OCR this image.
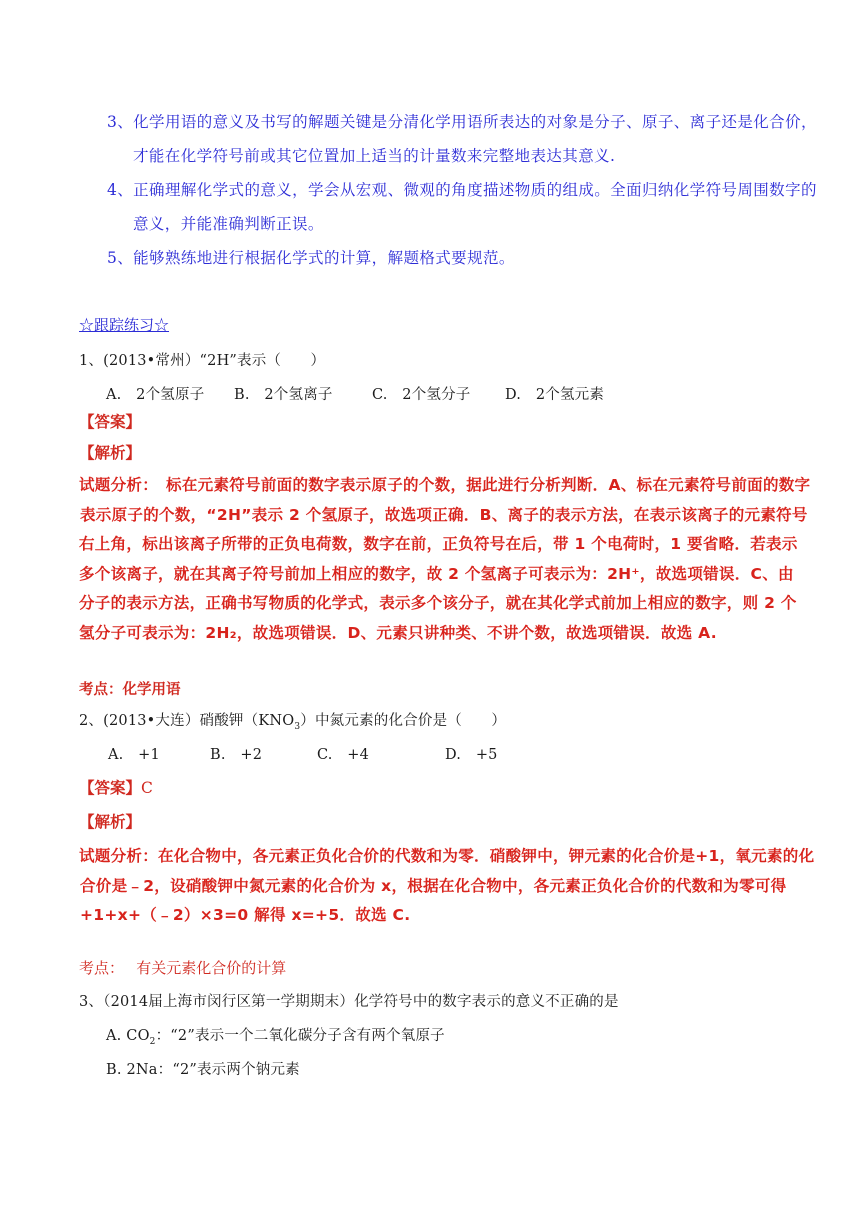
3、化学用语的意义及书写的解题关键是分清化学用语所表达的对象是分子、原子、离子还是化合价，

才能在化学符号前或其它位置加上适当的计量数来完整地表达其意义.

4、正确理解化学式的意义，学会从宏观、微观的角度描述物质的组成。全面归纳化学符号周围数字的

意义，并能准确判断正误。

5、能够熟练地进行根据化学式的计算，解题格式要规范。

☆跟踪练习☆

1、(2013•常州）“2H”表示（　　）

A.　2个氢原子 B.　2个氢离子	C.　2个氢分子 D.　2个氢元素

【答案】

【解析】

试题分析：　标在元素符号前面的数字表示原子的个数，据此进行分析判断．A、标在元素符号前面的数字
表示原子的个数，“2H”表示 2 个氢原子，故选项正确．B、离子的表示方法，在表示该离子的元素符号
右上角，标出该离子所带的正负电荷数，数字在前，正负符号在后，带 1 个电荷时，1 要省略．若表示
多个该离子，就在其离子符号前加上相应的数字，故 2 个氢离子可表示为：2H⁺，故选项错误．C、由
分子的表示方法，正确书写物质的化学式，表示多个该分子，就在其化学式前加上相应的数字，则 2 个
氢分子可表示为：2H₂，故选项错误．D、元素只讲种类、不讲个数，故选项错误．故选 A.

考点：化学用语

2、(2013•大连）硝酸钾$(KNO_3)$中氮元素的化合价是（　　）

A.　+1	B.　+2	C.　+4	D.　+5

【答案】C

【解析】

试题分析：在化合物中，各元素正负化合价的代数和为零．硝酸钾中，钾元素的化合价是+1，氧元素的化
合价是﹣2，设硝酸钾中氮元素的化合价为 x，根据在化合物中，各元素正负化合价的代数和为零可得
+1+x+（﹣2）×3=0 解得 x=+5．故选 C.

考点：　 有关元素化合价的计算

3、（2014届上海市闵行区第一学期期末）化学符号中的数字表示的意义不正确的是

A. $CO_2$：“2”表示一个二氧化碳分子含有两个氧原子

B. 2Na：“2”表示两个钠元素
